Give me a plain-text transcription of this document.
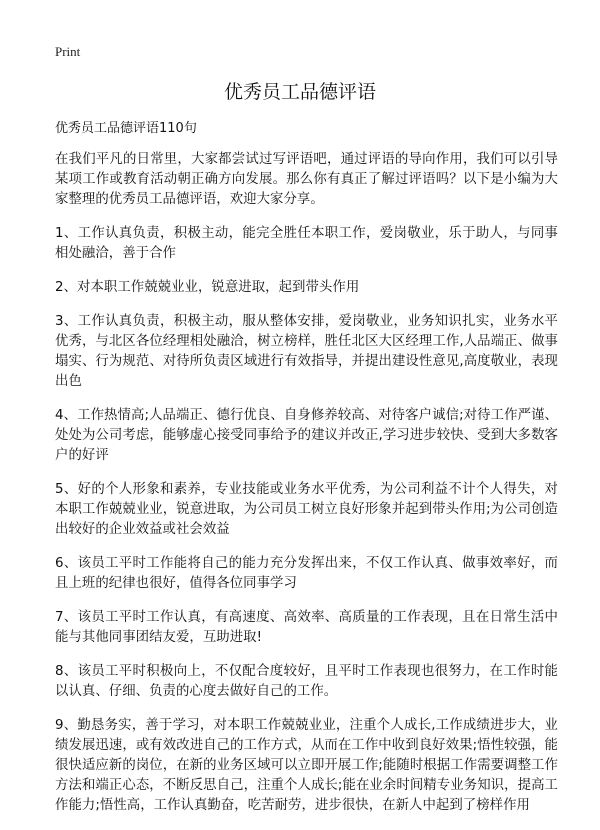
Print
优秀员工品德评语

优秀员工品德评语110句

在我们平凡的日常里，大家都尝试过写评语吧，通过评语的导向作用，我们可以引导某项工作或教育活动朝正确方向发展。那么你有真正了解过评语吗？以下是小编为大家整理的优秀员工品德评语，欢迎大家分享。

1、工作认真负责，积极主动，能完全胜任本职工作，爱岗敬业，乐于助人，与同事相处融洽，善于合作

2、对本职工作兢兢业业，锐意进取，起到带头作用

3、工作认真负责，积极主动，服从整体安排，爱岗敬业，业务知识扎实，业务水平优秀，与北区各位经理相处融洽，树立榜样，胜任北区大区经理工作,人品端正、做事塌实、行为规范、对待所负责区域进行有效指导，并提出建设性意见,高度敬业，表现出色

4、工作热情高;人品端正、德行优良、自身修养较高、对待客户诚信;对待工作严谨、处处为公司考虑，能够虚心接受同事给予的建议并改正,学习进步较快、受到大多数客户的好评

5、好的个人形象和素养，专业技能或业务水平优秀，为公司利益不计个人得失，对本职工作兢兢业业，锐意进取，为公司员工树立良好形象并起到带头作用;为公司创造出较好的企业效益或社会效益

6、该员工平时工作能将自己的能力充分发挥出来，不仅工作认真、做事效率好，而且上班的纪律也很好，值得各位同事学习

7、该员工平时工作认真，有高速度、高效率、高质量的工作表现，且在日常生活中能与其他同事团结友爱，互助进取!

8、该员工平时积极向上，不仅配合度较好，且平时工作表现也很努力，在工作时能以认真、仔细、负责的心度去做好自己的工作。

9、勤恳务实，善于学习，对本职工作兢兢业业，注重个人成长,工作成绩进步大，业绩发展迅速，或有效改进自己的工作方式，从而在工作中收到良好效果;悟性较强，能很快适应新的岗位，在新的业务区域可以立即开展工作;能随时根据工作需要调整工作方法和端正心态，不断反思自己，注重个人成长;能在业余时间精专业务知识，提高工作能力;悟性高，工作认真勤奋，吃苦耐劳，进步很快，在新人中起到了榜样作用
